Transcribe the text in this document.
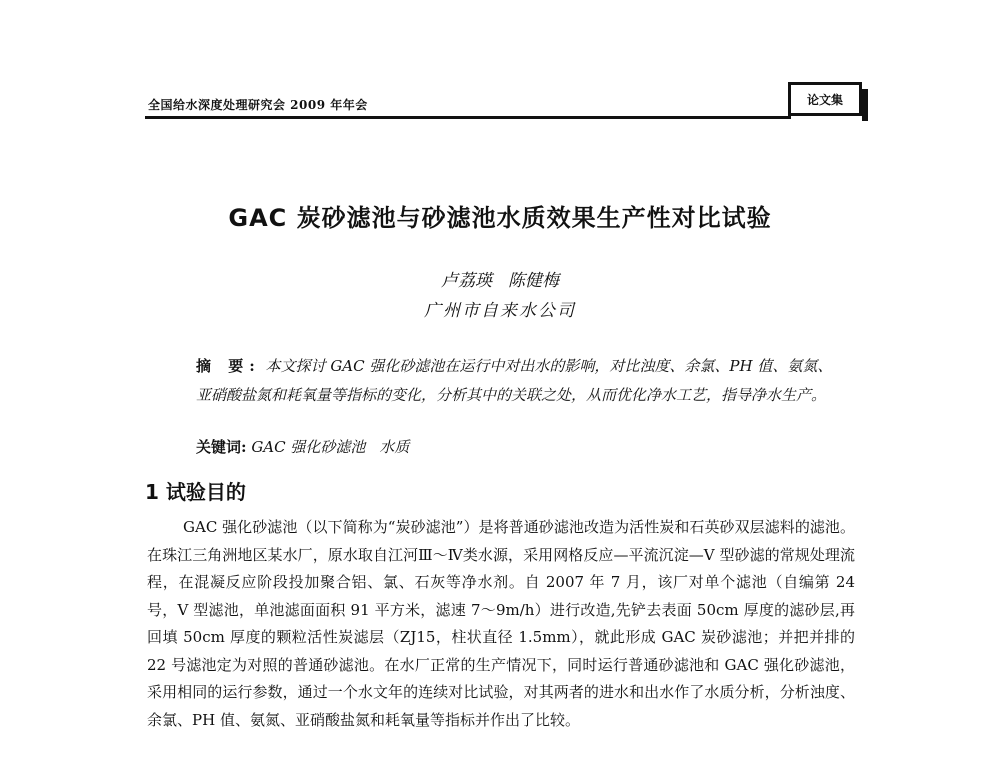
全国给水深度处理研究会 2009 年年会	论文集
GAC 炭砂滤池与砂滤池水质效果生产性对比试验
卢荔瑛 陈健梅
广州市自来水公司
摘 要: 本文探讨 GAC 强化砂滤池在运行中对出水的影响，对比浊度、余氯、PH 值、氨氮、亚硝酸盐氮和耗氧量等指标的变化，分析其中的关联之处，从而优化净水工艺，指导净水生产。
关键词: GAC 强化砂滤池 水质
1 试验目的

GAC 强化砂滤池（以下简称为“炭砂滤池”）是将普通砂滤池改造为活性炭和石英砂双层滤料的滤池。在珠江三角洲地区某水厂，原水取自江河Ⅲ～Ⅳ类水源，采用网格反应—平流沉淀—V 型砂滤的常规处理流程，在混凝反应阶段投加聚合铝、氯、石灰等净水剂。自 2007 年 7 月，该厂对单个滤池（自编第 24 号，V 型滤池，单池滤面面积 91 平方米，滤速 7～9m/h）进行改造,先铲去表面 50cm 厚度的滤砂层,再回填 50cm 厚度的颗粒活性炭滤层（ZJ15，柱状直径 1.5mm），就此形成 GAC 炭砂滤池；并把并排的 22 号滤池定为对照的普通砂滤池。在水厂正常的生产情况下，同时运行普通砂滤池和 GAC 强化砂滤池，采用相同的运行参数，通过一个水文年的连续对比试验，对其两者的进水和出水作了水质分析，分析浊度、余氯、PH 值、氨氮、亚硝酸盐氮和耗氧量等指标并作出了比较。
